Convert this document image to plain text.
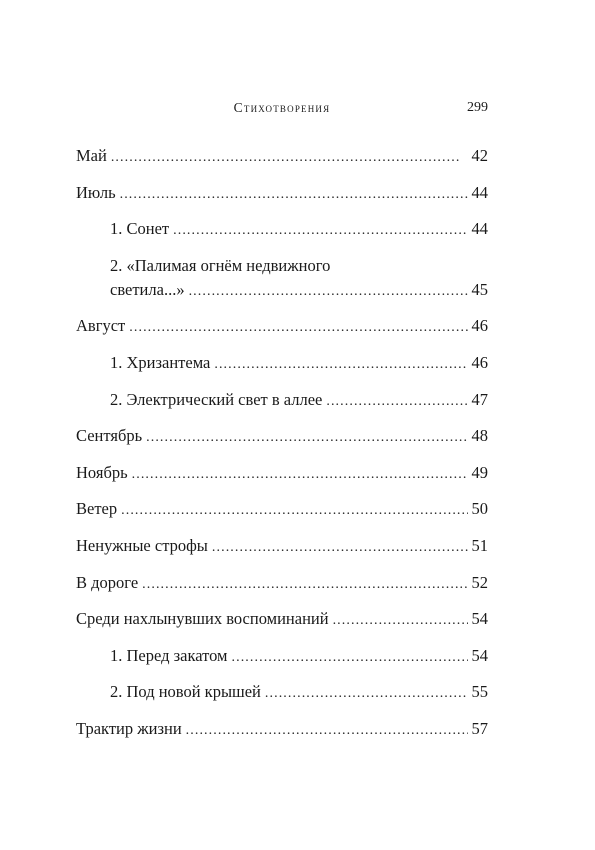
Стихотворения	299
Май . . .	42
Июль . . .	44
1. Сонет . . .	44
2. «Палимая огнём недвижного
светила...» . . .	45
Август . . .	46
1. Хризантема . . .	46
2. Электрический свет в аллее . . .	47
Сентябрь . . .	48
Ноябрь . . .	49
Ветер . . .	50
Ненужные строфы . . .	51
В дороге . . .	52
Среди нахлынувших воспоминаний . . .	54
1. Перед закатом . . .	54
2. Под новой крышей . . .	55
Трактир жизни . . .	57
